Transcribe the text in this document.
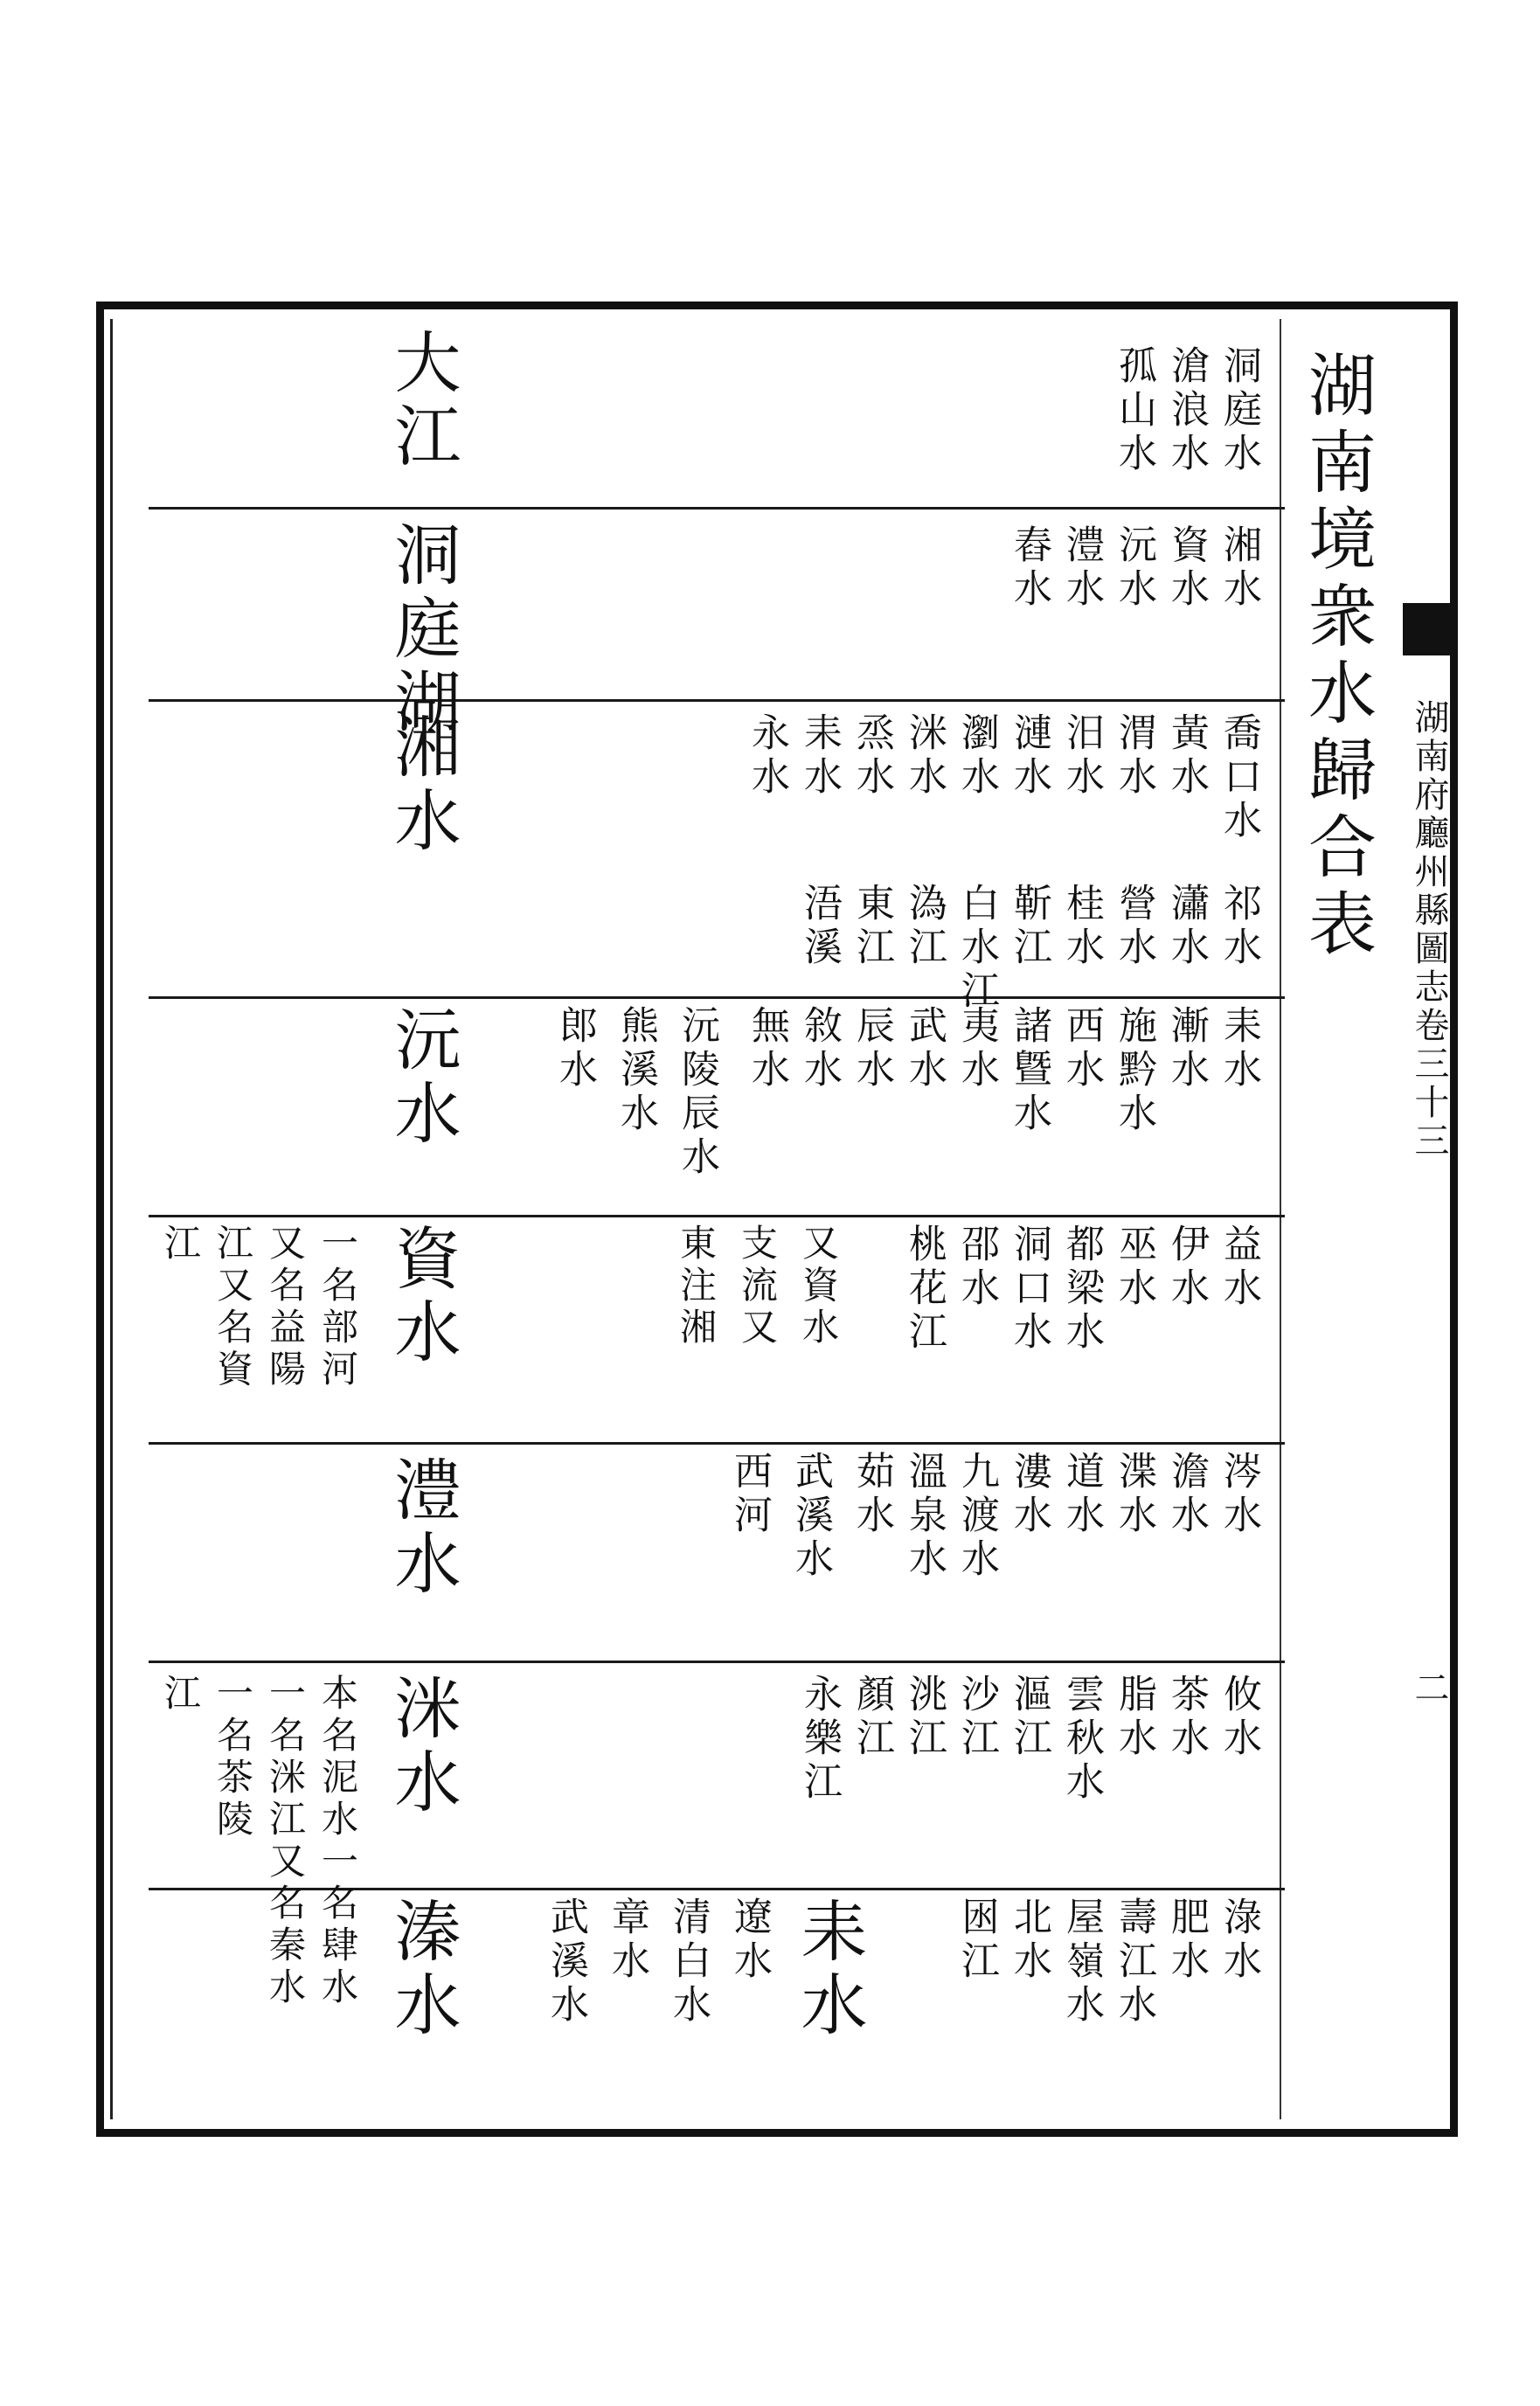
湖南府廳州縣圖志卷三十三
二
湖南境衆水歸合表
大江
洞庭湖
湘水
沅水
資水
澧水
洣水
溱水	耒水
洞庭水
滄浪水
孤山水
湘水
資水
沅水
澧水
舂水
喬口水
祁水
黃水
瀟水
渭水
營水
汨水
桂水
漣水
靳江
瀏水
白水江
洣水
溈江
烝水
東江
耒水
浯溪
永水
耒水
漸水
施黔水
西水
諸曁水
夷水
武水
辰水
敘水
無水
沅陵辰水
熊溪水
郎水
益水
伊水
巫水
都梁水
洞口水
邵水
桃花江
又資水
支流又
東注湘
一名部河
又名益陽
江又名資
江
涔水
澹水
渫水
道水
漊水
九渡水
溫泉水
茹水
武溪水
西河
攸水
茶水
脂水
雲秋水
漚江
沙江
洮江
顏江
永樂江
本名泥水一名肆水
一名洣江又名秦水
一名茶陵
江
淥水
肥水
壽江水
屋嶺水
北水
囦江
遼水
清白水
章水
武溪水
